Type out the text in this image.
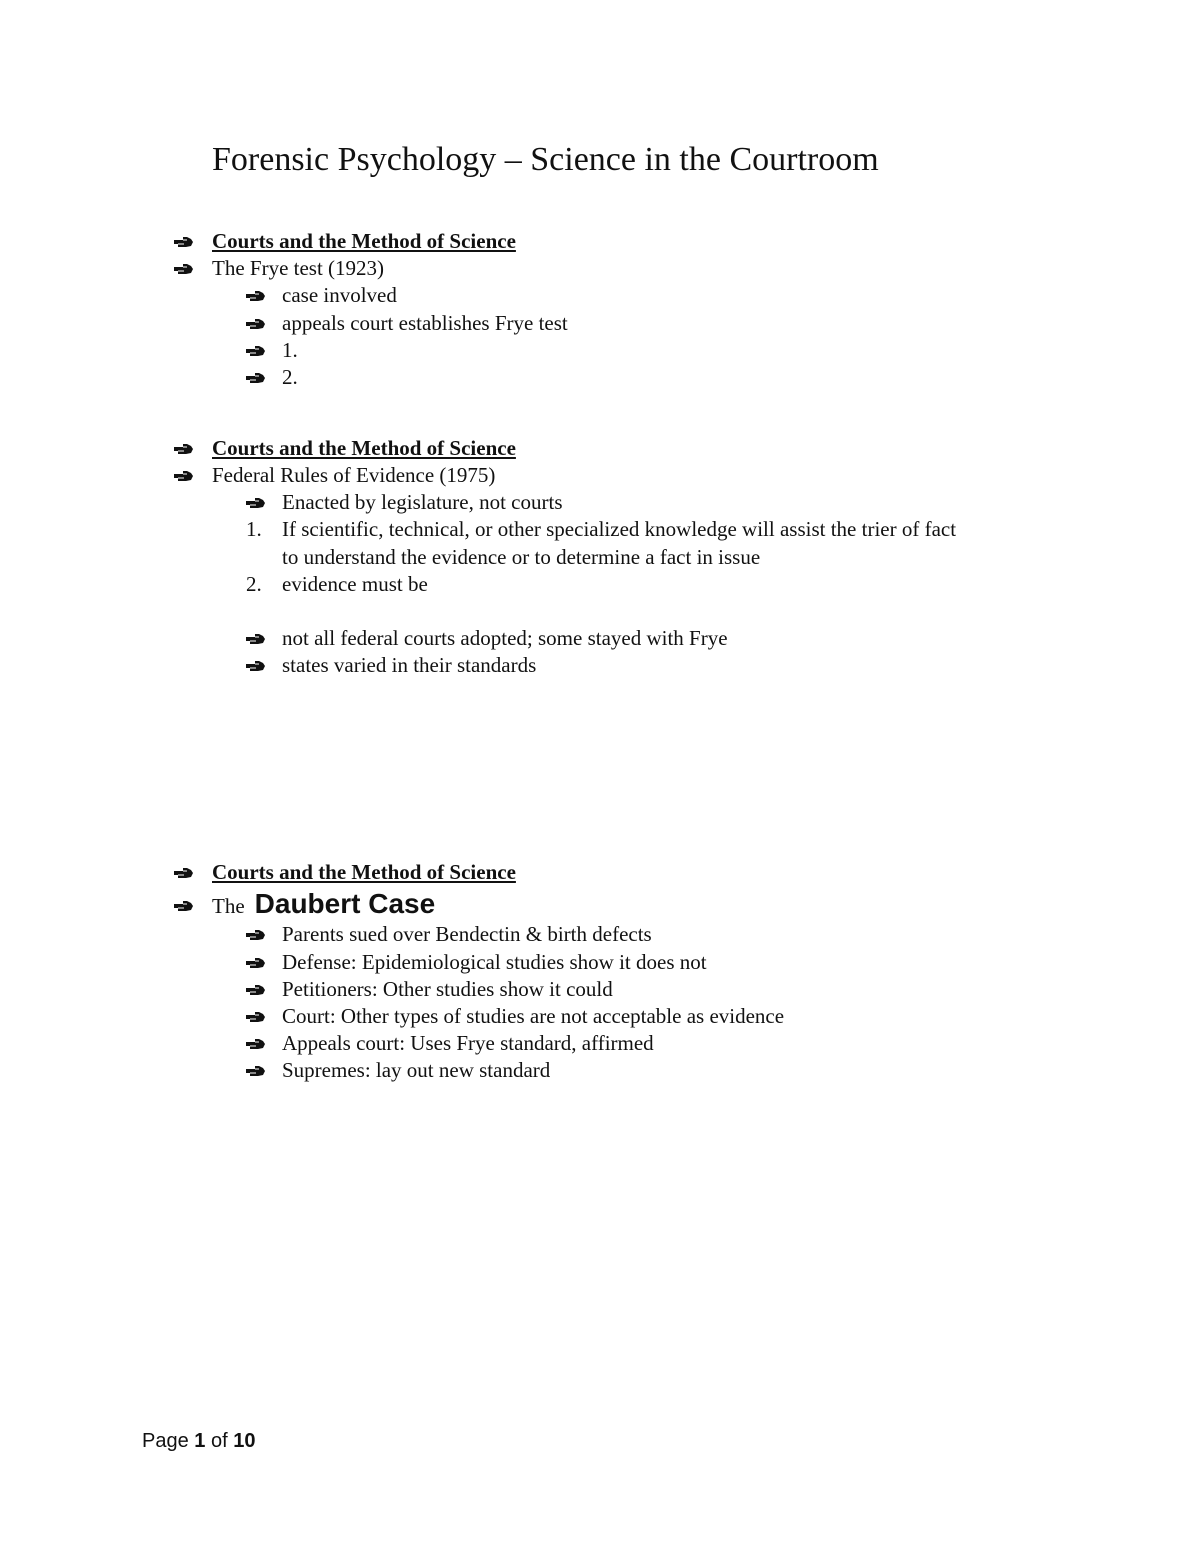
Forensic Psychology – Science in the Courtroom
Courts and the Method of Science
The Frye test (1923)
case involved
appeals court establishes Frye test
1.
2.
Courts and the Method of Science
Federal Rules of Evidence (1975)
Enacted by legislature, not courts
1. If scientific, technical, or other specialized knowledge will assist the trier of fact
to understand the evidence or to determine a fact in issue
2. evidence must be
not all federal courts adopted; some stayed with Frye
states varied in their standards
Courts and the Method of Science
The Daubert Case
Parents sued over Bendectin & birth defects
Defense: Epidemiological studies show it does not
Petitioners: Other studies show it could
Court: Other types of studies are not acceptable as evidence
Appeals court: Uses Frye standard, affirmed
Supremes: lay out new standard
Page 1 of 10
